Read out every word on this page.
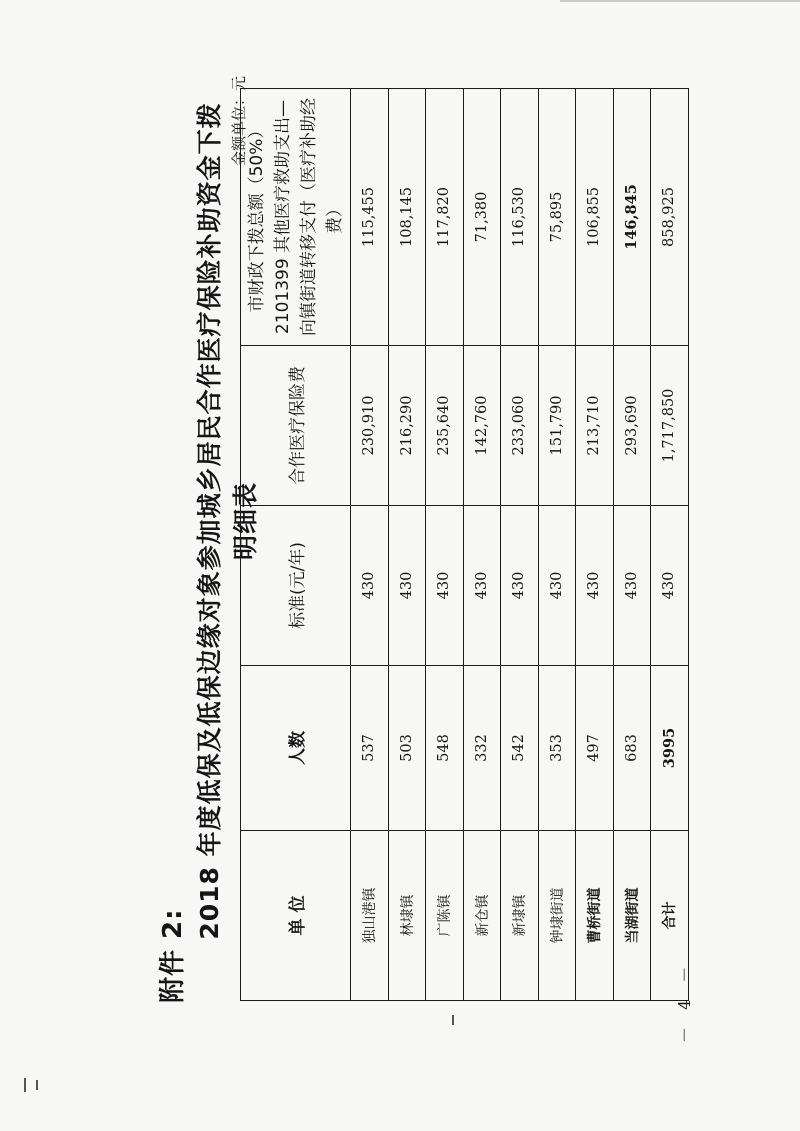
附件 2:
2018 年度低保及低保边缘对象参加城乡居民合作医疗保险补助资金下拨明细表
金额单位：元
单 位	人数	标准(元/年)	合作医疗保险费	市财政下拨总额（50%） 2101399 其他医疗救助支出—向镇街道转移支付（医疗补助经费）

独山港镇	537	430	230,910	115,455
林埭镇	503	430	216,290	108,145
广陈镇	548	430	235,640	117,820
新仓镇	332	430	142,760	71,380
新埭镇	542	430	233,060	116,530
钟埭街道	353	430	151,790	75,895
曹桥街道	497	430	213,710	106,855
当湖街道	683	430	293,690	146,845
合计	3995	430	1,717,850	858,925
－ 4 －
